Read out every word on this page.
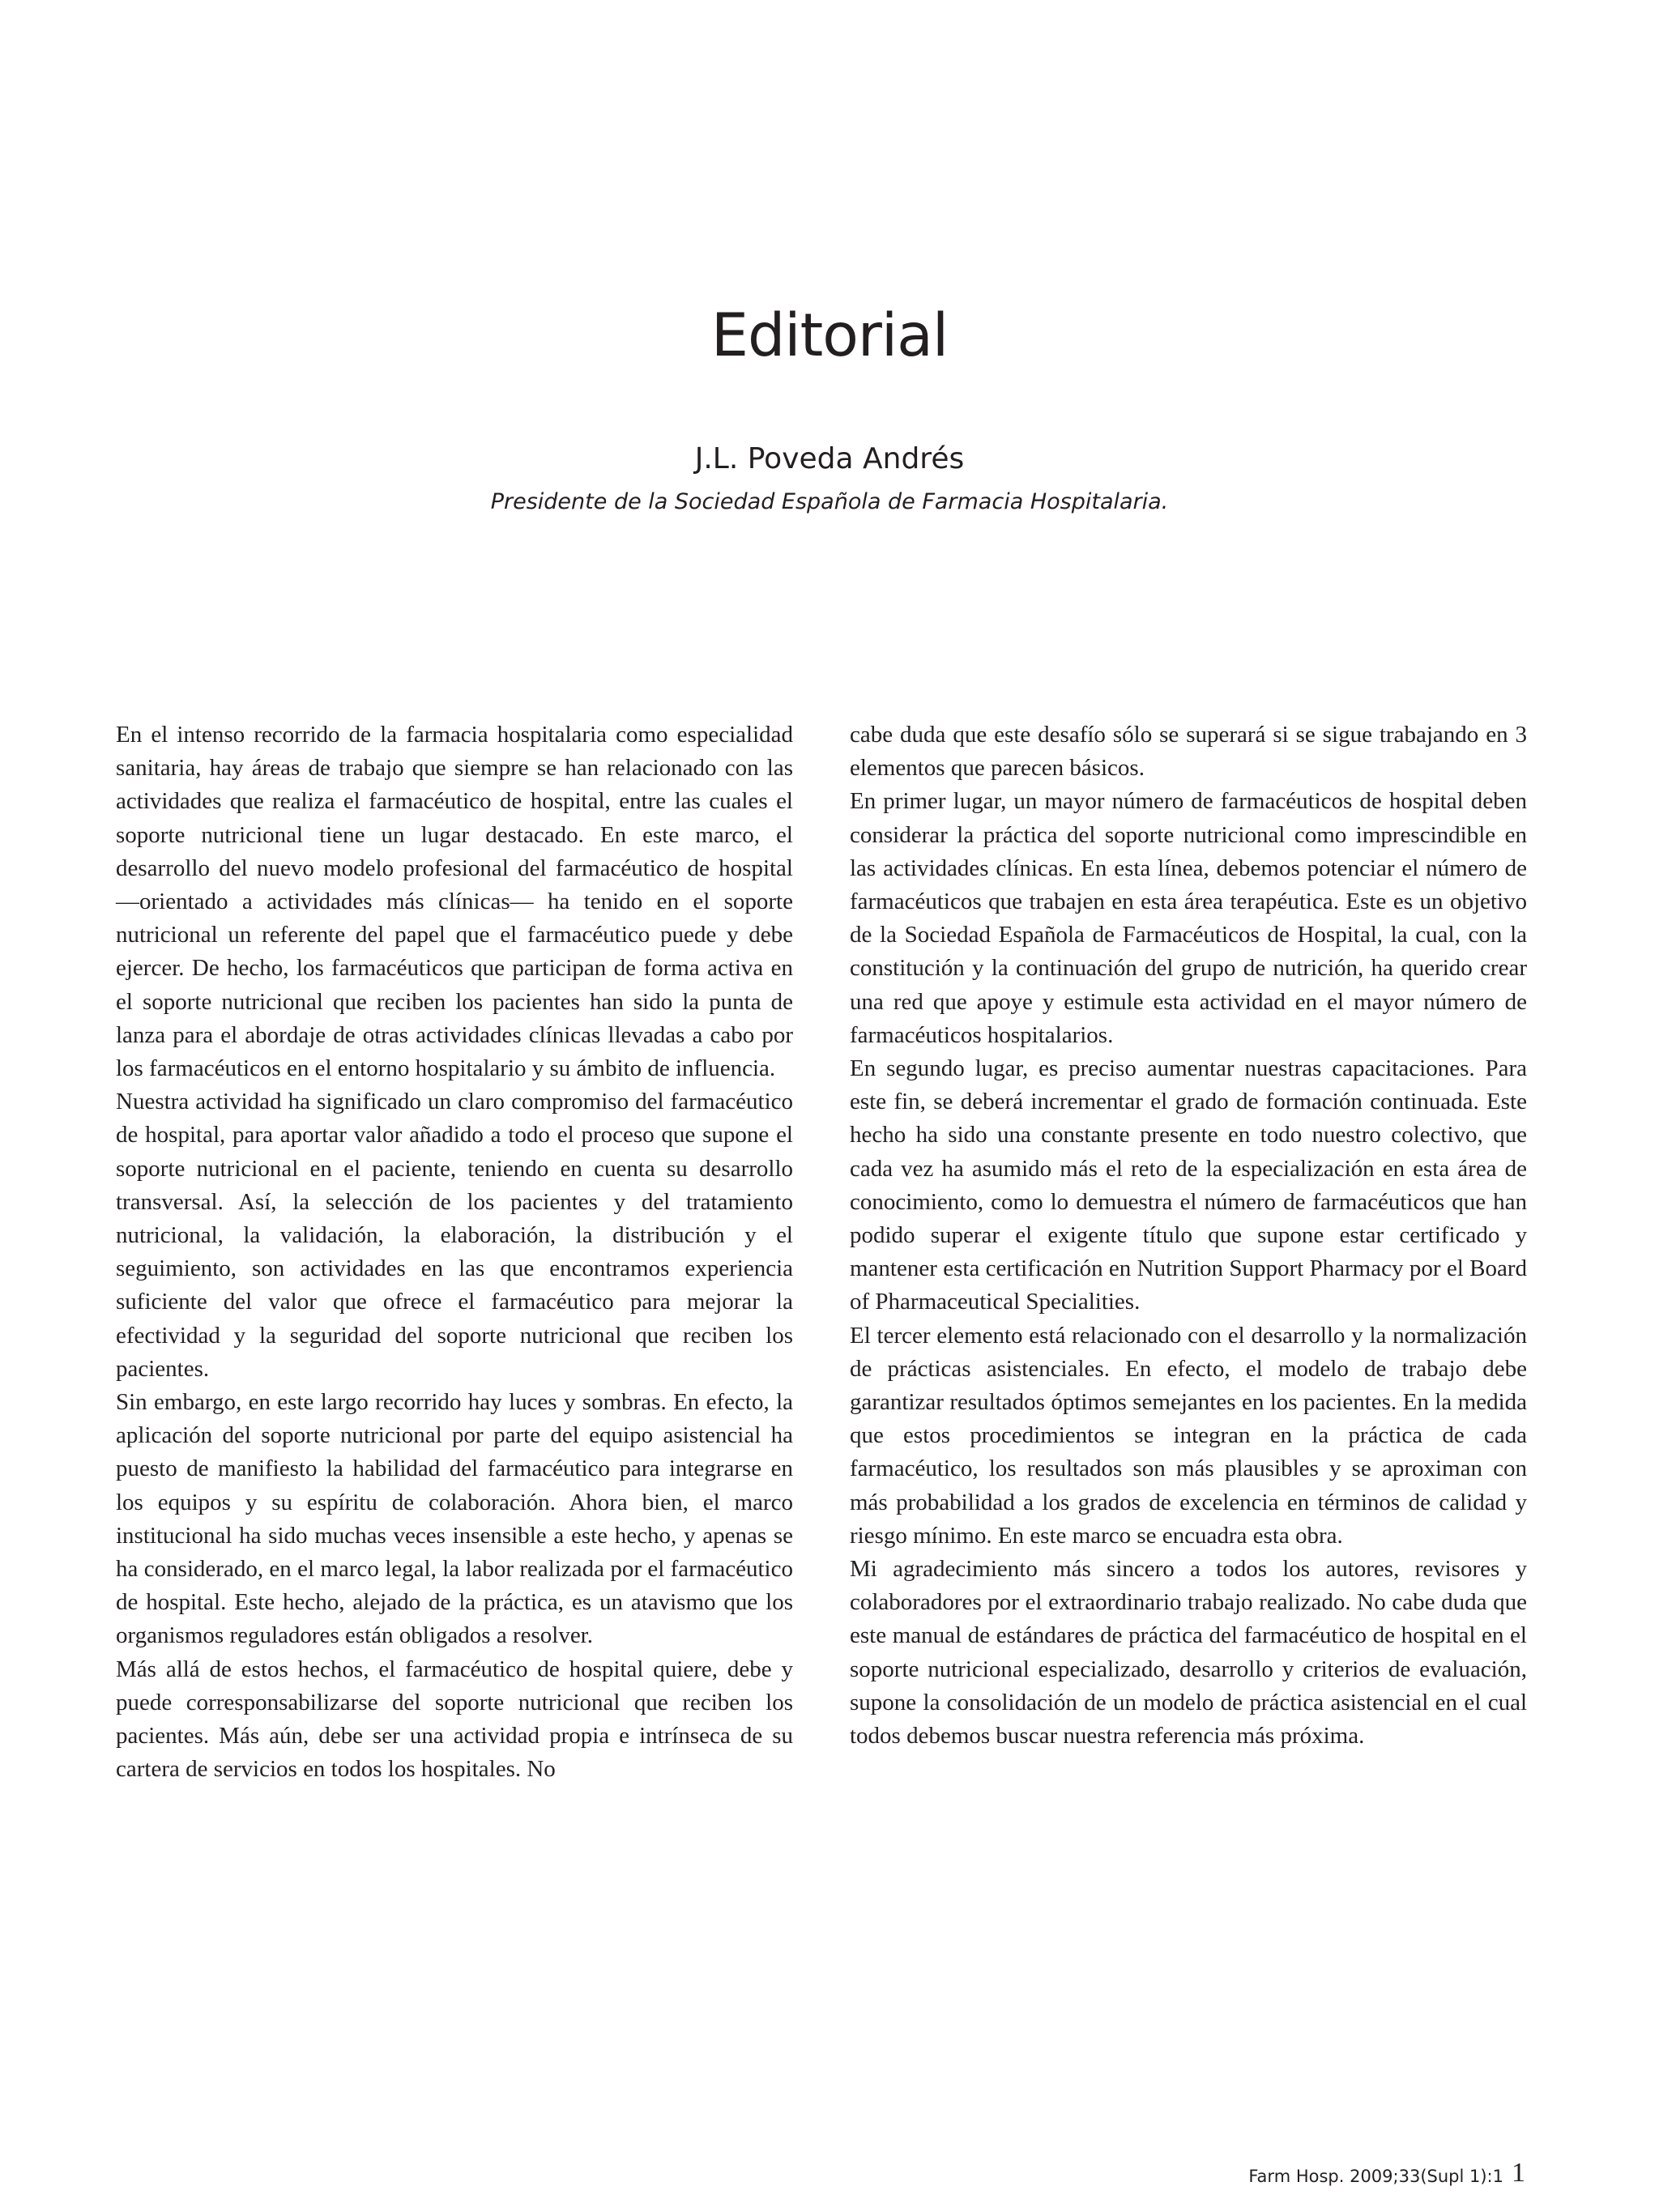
Editorial
J.L. Poveda Andrés
Presidente de la Sociedad Española de Farmacia Hospitalaria.

En el intenso recorrido de la farmacia hospitalaria como especialidad sanitaria, hay áreas de trabajo que siempre se han relacionado con las actividades que realiza el farmacéutico de hospital, entre las cuales el soporte nutricional tiene un lugar destacado. En este marco, el desarrollo del nuevo modelo profesional del farmacéutico de hospital —orientado a actividades más clínicas— ha tenido en el soporte nutricional un referente del papel que el farmacéutico puede y debe ejercer. De hecho, los farmacéuticos que participan de forma activa en el soporte nutricional que reciben los pacientes han sido la punta de lanza para el abordaje de otras actividades clínicas llevadas a cabo por los farmacéuticos en el entorno hospitalario y su ámbito de influencia.

Nuestra actividad ha significado un claro compromiso del farmacéutico de hospital, para aportar valor añadido a todo el proceso que supone el soporte nutricional en el paciente, teniendo en cuenta su desarrollo transversal. Así, la selección de los pacientes y del tratamiento nutricional, la validación, la elaboración, la distribución y el seguimiento, son actividades en las que encontramos experiencia suficiente del valor que ofrece el farmacéutico para mejorar la efectividad y la seguridad del soporte nutricional que reciben los pacientes.

Sin embargo, en este largo recorrido hay luces y sombras. En efecto, la aplicación del soporte nutricional por parte del equipo asistencial ha puesto de manifiesto la habilidad del farmacéutico para integrarse en los equipos y su espíritu de colaboración. Ahora bien, el marco institucional ha sido muchas veces insensible a este hecho, y apenas se ha considerado, en el marco legal, la labor realizada por el farmacéutico de hospital. Este hecho, alejado de la práctica, es un atavismo que los organismos reguladores están obligados a resolver.

Más allá de estos hechos, el farmacéutico de hospital quiere, debe y puede corresponsabilizarse del soporte nutricional que reciben los pacientes. Más aún, debe ser una actividad propia e intrínseca de su cartera de servicios en todos los hospitales. No

cabe duda que este desafío sólo se superará si se sigue trabajando en 3 elementos que parecen básicos.

En primer lugar, un mayor número de farmacéuticos de hospital deben considerar la práctica del soporte nutricional como imprescindible en las actividades clínicas. En esta línea, debemos potenciar el número de farmacéuticos que trabajen en esta área terapéutica. Este es un objetivo de la Sociedad Española de Farmacéuticos de Hospital, la cual, con la constitución y la continuación del grupo de nutrición, ha querido crear una red que apoye y estimule esta actividad en el mayor número de farmacéuticos hospitalarios.

En segundo lugar, es preciso aumentar nuestras capacitaciones. Para este fin, se deberá incrementar el grado de formación continuada. Este hecho ha sido una constante presente en todo nuestro colectivo, que cada vez ha asumido más el reto de la especialización en esta área de conocimiento, como lo demuestra el número de farmacéuticos que han podido superar el exigente título que supone estar certificado y mantener esta certificación en Nutrition Support Pharmacy por el Board of Pharmaceutical Specialities.

El tercer elemento está relacionado con el desarrollo y la normalización de prácticas asistenciales. En efecto, el modelo de trabajo debe garantizar resultados óptimos semejantes en los pacientes. En la medida que estos procedimientos se integran en la práctica de cada farmacéutico, los resultados son más plausibles y se aproximan con más probabilidad a los grados de excelencia en términos de calidad y riesgo mínimo. En este marco se encuadra esta obra.

Mi agradecimiento más sincero a todos los autores, revisores y colaboradores por el extraordinario trabajo realizado. No cabe duda que este manual de estándares de práctica del farmacéutico de hospital en el soporte nutricional especializado, desarrollo y criterios de evaluación, supone la consolidación de un modelo de práctica asistencial en el cual todos debemos buscar nuestra referencia más próxima.

Farm Hosp. 2009;33(Supl 1):1 1
